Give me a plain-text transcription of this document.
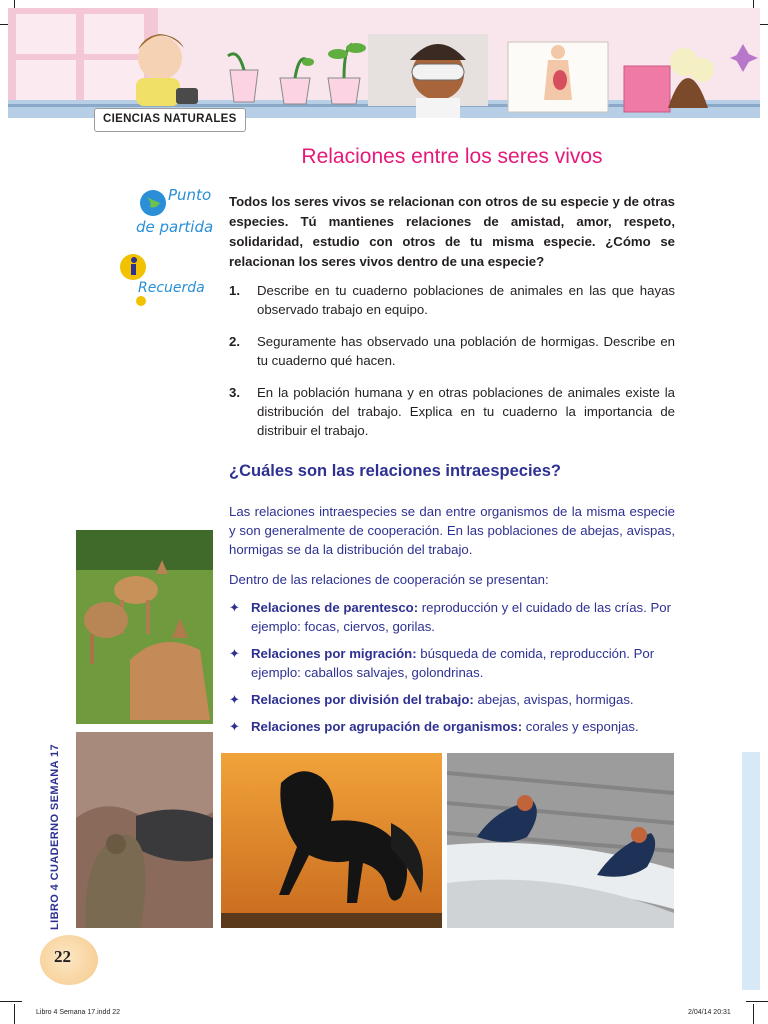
CIENCIAS NATURALES
Relaciones entre los seres vivos
Punto
de partida
Recuerda
Todos los seres vivos se relacionan con otros de su especie y de otras especies. Tú mantienes relaciones de amistad, amor, respeto, solidaridad, estudio con otros de tu misma especie. ¿Cómo se relacionan los seres vivos dentro de una especie?
1.	Describe en tu cuaderno poblaciones de animales en las que hayas observado trabajo en equipo.
2.	Seguramente has observado una población de hormigas. Describe en tu cuaderno qué hacen.
3.	En la población humana y en otras poblaciones de animales existe la distribución del trabajo. Explica en tu cuaderno la importancia de distribuir el trabajo.
¿Cuáles son las relaciones intraespecies?
Las relaciones intraespecies se dan entre organismos de la misma especie y son generalmente de cooperación. En las poblaciones de abejas, avispas, hormigas se da la distribución del trabajo.
Dentro de las relaciones de cooperación se presentan:
✦ Relaciones de parentesco: reproducción y el cuidado de las crías. Por ejemplo: focas, ciervos, gorilas.
✦ Relaciones por migración: búsqueda de comida, reproducción. Por ejemplo: caballos salvajes, golondrinas.
✦ Relaciones por división del trabajo: abejas, avispas, hormigas.
✦ Relaciones por agrupación de organismos: corales y esponjas.
LIBRO 4 CUADERNO SEMANA 17
22
Libro 4 Semana 17.indd 22	2/04/14 20:31
